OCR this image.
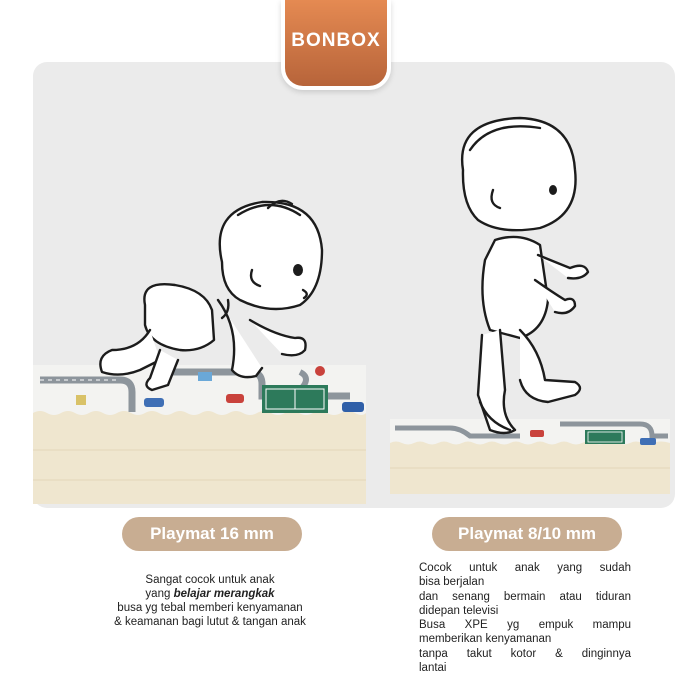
BONBOX
Playmat 16 mm	Playmat 8/10 mm
Sangat cocok untuk anak
yang belajar merangkak
busa yg tebal memberi kenyamanan
& keamanan bagi lutut & tangan anak
Cocok untuk anak yang sudah
bisa berjalan
dan senang bermain atau tiduran
didepan televisi
Busa XPE yg empuk mampu
memberikan kenyamanan
tanpa takut kotor & dinginnya
lantai
